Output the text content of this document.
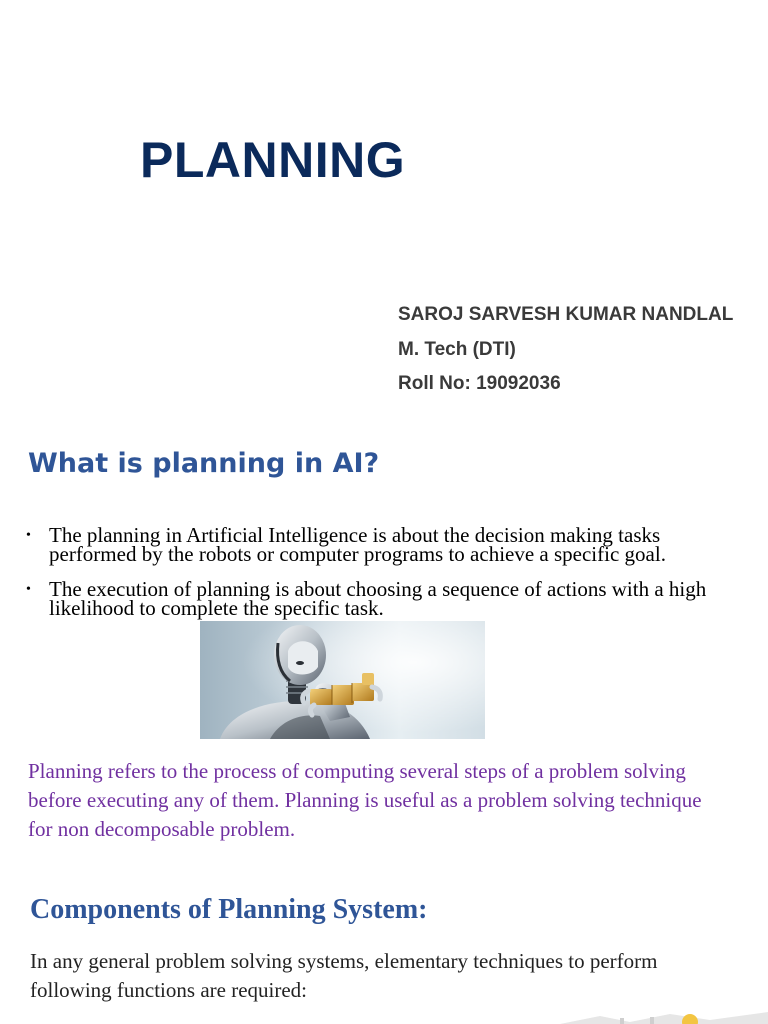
PLANNING
SAROJ SARVESH KUMAR NANDLAL
M. Tech (DTI)
Roll No: 19092036
What is planning in AI?
• The planning in Artificial Intelligence is about the decision making tasks performed by the robots or computer programs to achieve a specific goal.
• The execution of planning is about choosing a sequence of actions with a high likelihood to complete the specific task.

Planning refers to the process of computing several steps of a problem solving before executing any of them. Planning is useful as a problem solving technique for non decomposable problem.

Components of Planning System:

In any general problem solving systems, elementary techniques to perform following functions are required:
